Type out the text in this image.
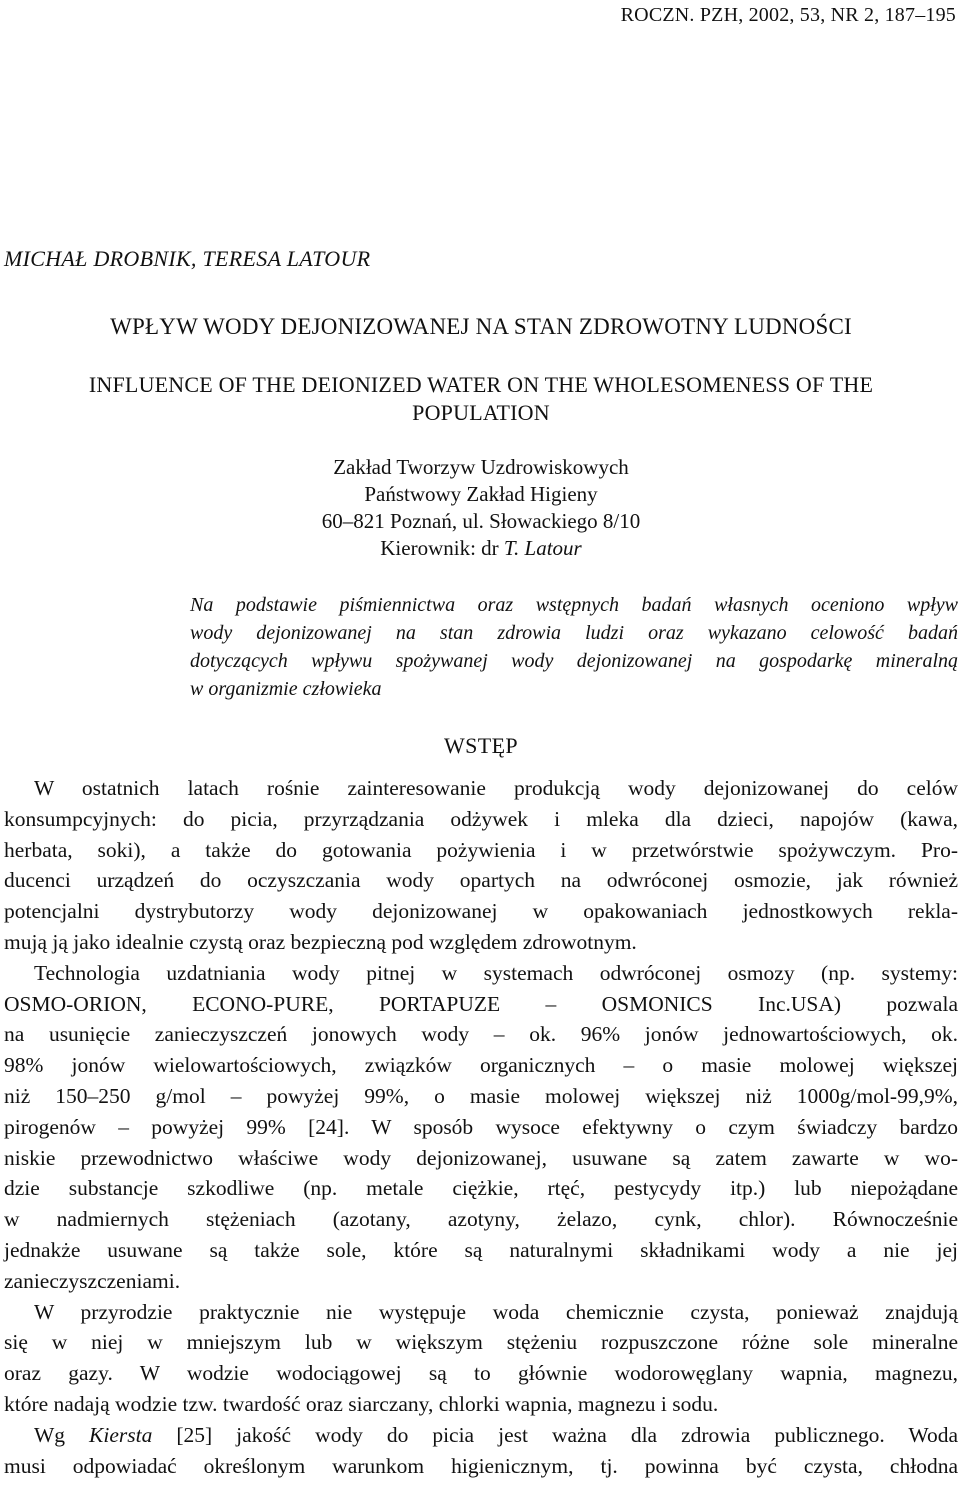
ROCZN. PZH, 2002, 53, NR 2, 187–195
MICHAŁ DROBNIK, TERESA LATOUR
WPŁYW WODY DEJONIZOWANEJ NA STAN ZDROWOTNY LUDNOŚCI
INFLUENCE OF THE DEIONIZED WATER ON THE WHOLESOMENESS OF THE
POPULATION
Zakład Tworzyw Uzdrowiskowych
Państwowy Zakład Higieny
60–821 Poznań, ul. Słowackiego 8/10
Kierownik: dr T. Latour
Na podstawie piśmiennictwa oraz wstępnych badań własnych oceniono wpływ
wody dejonizowanej na stan zdrowia ludzi oraz wykazano celowość badań
dotyczących wpływu spożywanej wody dejonizowanej na gospodarkę mineralną
w organizmie człowieka
WSTĘP
W ostatnich latach rośnie zainteresowanie produkcją wody dejonizowanej do celów
konsumpcyjnych: do picia, przyrządzania odżywek i mleka dla dzieci, napojów (kawa,
herbata, soki), a także do gotowania pożywienia i w przetwórstwie spożywczym. Pro-
ducenci urządzeń do oczyszczania wody opartych na odwróconej osmozie, jak również
potencjalni dystrybutorzy wody dejonizowanej w opakowaniach jednostkowych rekla-
mują ją jako idealnie czystą oraz bezpieczną pod względem zdrowotnym.
Technologia uzdatniania wody pitnej w systemach odwróconej osmozy (np. systemy:
OSMO-ORION, ECONO-PURE, PORTAPUZE – OSMONICS Inc.USA) pozwala
na usunięcie zanieczyszczeń jonowych wody – ok. 96% jonów jednowartościowych, ok.
98% jonów wielowartościowych, związków organicznych – o masie molowej większej
niż 150–250 g/mol – powyżej 99%, o masie molowej większej niż 1000g/mol-99,9%,
pirogenów – powyżej 99% [24]. W sposób wysoce efektywny o czym świadczy bardzo
niskie przewodnictwo właściwe wody dejonizowanej, usuwane są zatem zawarte w wo-
dzie substancje szkodliwe (np. metale ciężkie, rtęć, pestycydy itp.) lub niepożądane
w nadmiernych stężeniach (azotany, azotyny, żelazo, cynk, chlor). Równocześnie
jednakże usuwane są także sole, które są naturalnymi składnikami wody a nie jej
zanieczyszczeniami.
W przyrodzie praktycznie nie występuje woda chemicznie czysta, ponieważ znajdują
się w niej w mniejszym lub w większym stężeniu rozpuszczone różne sole mineralne
oraz gazy. W wodzie wodociągowej są to głównie wodorowęglany wapnia, magnezu,
które nadają wodzie tzw. twardość oraz siarczany, chlorki wapnia, magnezu i sodu.
Wg Kiersta [25] jakość wody do picia jest ważna dla zdrowia publicznego. Woda
musi odpowiadać określonym warunkom higienicznym, tj. powinna być czysta, chłodna
